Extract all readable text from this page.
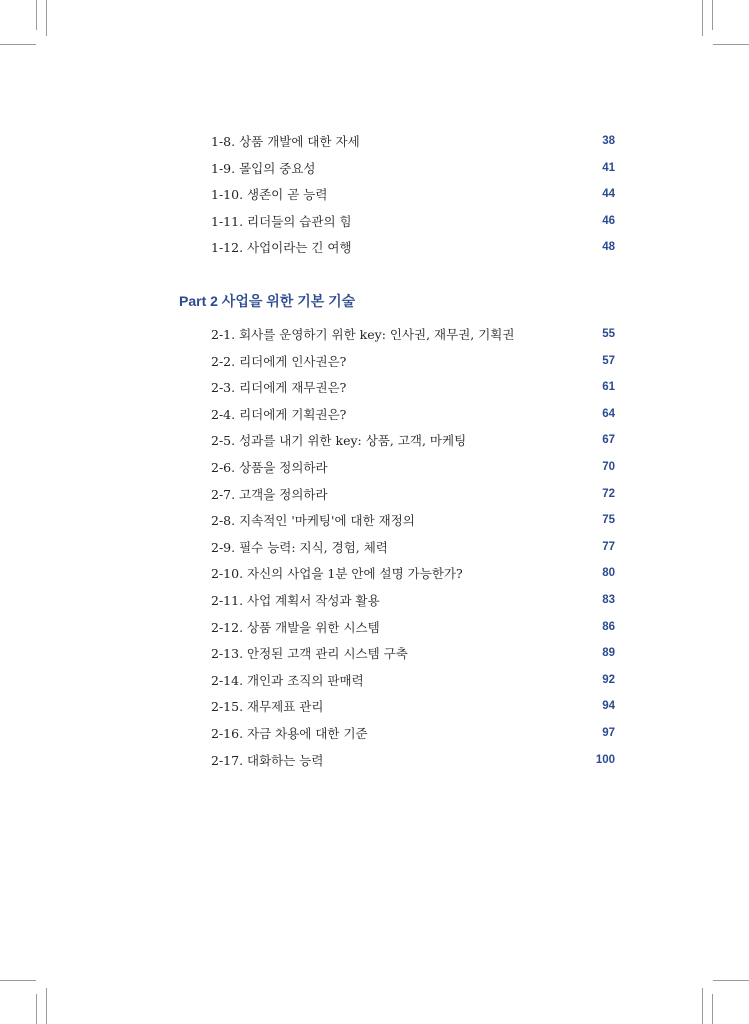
1-8. 상품 개발에 대한 자세	38
1-9. 몰입의 중요성	41
1-10. 생존이 곧 능력	44
1-11. 리더들의 습관의 힘	46
1-12. 사업이라는 긴 여행	48
Part 2 사업을 위한 기본 기술
2-1. 회사를 운영하기 위한 key: 인사권, 재무권, 기획권	55
2-2. 리더에게 인사권은?	57
2-3. 리더에게 재무권은?	61
2-4. 리더에게 기획권은?	64
2-5. 성과를 내기 위한 key: 상품, 고객, 마케팅	67
2-6. 상품을 정의하라	70
2-7. 고객을 정의하라	72
2-8. 지속적인 '마케팅'에 대한 재정의	75
2-9. 필수 능력: 지식, 경험, 체력	77
2-10. 자신의 사업을 1분 안에 설명 가능한가?	80
2-11. 사업 계획서 작성과 활용	83
2-12. 상품 개발을 위한 시스템	86
2-13. 안정된 고객 관리 시스템 구축	89
2-14. 개인과 조직의 판매력	92
2-15. 재무제표 관리	94
2-16. 자금 차용에 대한 기준	97
2-17. 대화하는 능력	100
